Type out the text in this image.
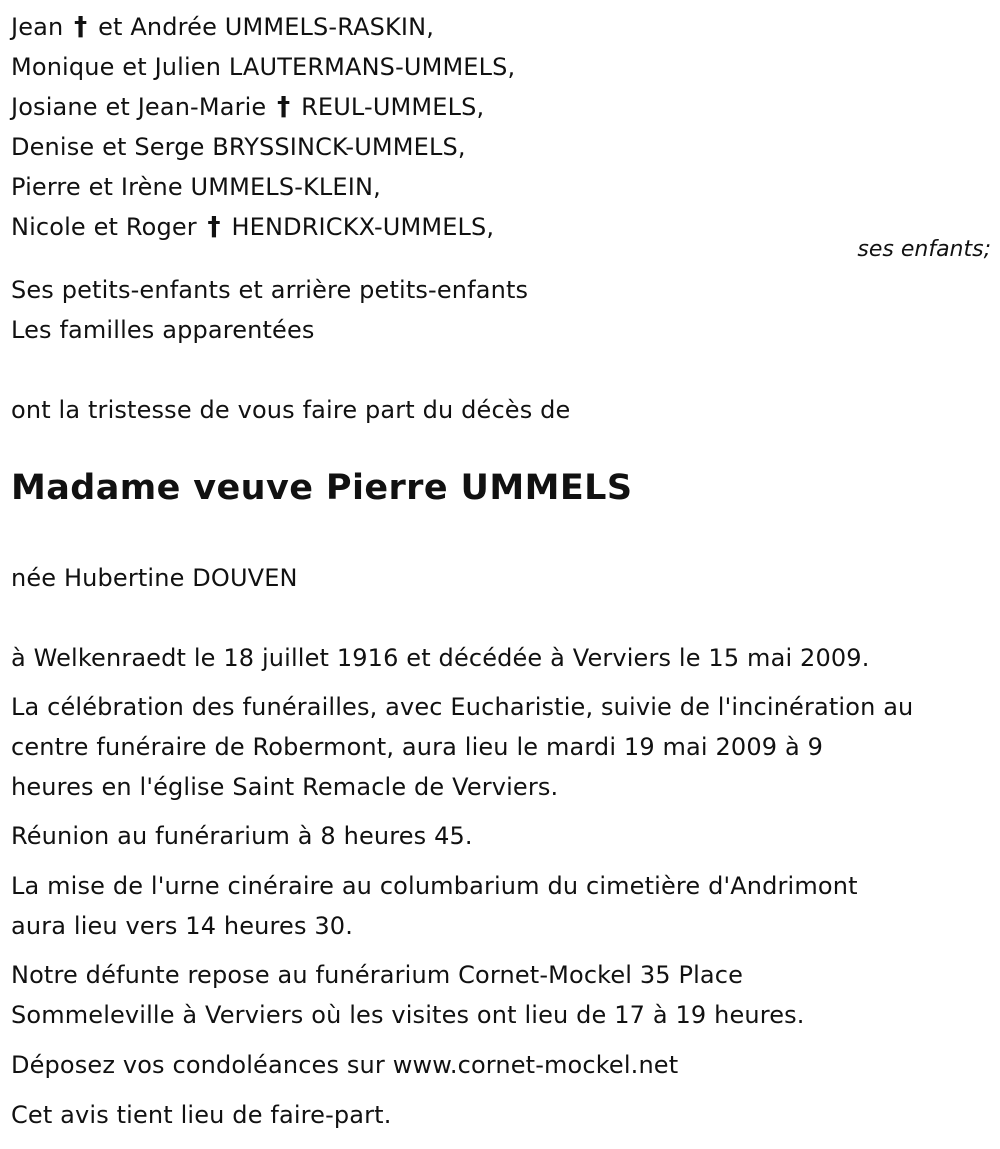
Jean † et Andrée UMMELS-RASKIN,
Monique et Julien LAUTERMANS-UMMELS,
Josiane et Jean-Marie † REUL-UMMELS,
Denise et Serge BRYSSINCK-UMMELS,
Pierre et Irène UMMELS-KLEIN,
Nicole et Roger † HENDRICKX-UMMELS,
ses enfants;
Ses petits-enfants et arrière petits-enfants
Les familles apparentées
ont la tristesse de vous faire part du décès de
Madame veuve Pierre UMMELS
née Hubertine DOUVEN
à Welkenraedt le 18 juillet 1916 et décédée à Verviers le 15 mai 2009.
La célébration des funérailles, avec Eucharistie, suivie de l'incinération au
centre funéraire de Robermont, aura lieu le mardi 19 mai 2009 à 9
heures en l'église Saint Remacle de Verviers.
Réunion au funérarium à 8 heures 45.
La mise de l'urne cinéraire au columbarium du cimetière d'Andrimont
aura lieu vers 14 heures 30.
Notre défunte repose au funérarium Cornet-Mockel 35 Place
Sommeleville à Verviers où les visites ont lieu de 17 à 19 heures.
Déposez vos condoléances sur www.cornet-mockel.net
Cet avis tient lieu de faire-part.
